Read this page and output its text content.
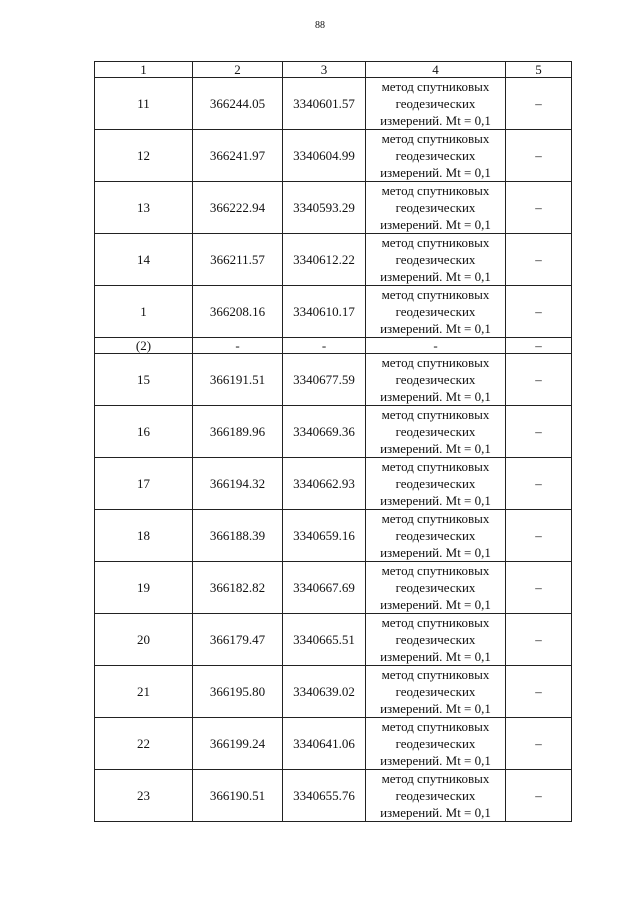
88
1	2	3	4	5
11	366244.05	3340601.57	метод спутниковых геодезических измерений. Mt = 0,1	–
12	366241.97	3340604.99	метод спутниковых геодезических измерений. Mt = 0,1	–
13	366222.94	3340593.29	метод спутниковых геодезических измерений. Mt = 0,1	–
14	366211.57	3340612.22	метод спутниковых геодезических измерений. Mt = 0,1	–
1	366208.16	3340610.17	метод спутниковых геодезических измерений. Mt = 0,1	–
(2)	-	-	-	–
15	366191.51	3340677.59	метод спутниковых геодезических измерений. Mt = 0,1	–
16	366189.96	3340669.36	метод спутниковых геодезических измерений. Mt = 0,1	–
17	366194.32	3340662.93	метод спутниковых геодезических измерений. Mt = 0,1	–
18	366188.39	3340659.16	метод спутниковых геодезических измерений. Mt = 0,1	–
19	366182.82	3340667.69	метод спутниковых геодезических измерений. Mt = 0,1	–
20	366179.47	3340665.51	метод спутниковых геодезических измерений. Mt = 0,1	–
21	366195.80	3340639.02	метод спутниковых геодезических измерений. Mt = 0,1	–
22	366199.24	3340641.06	метод спутниковых геодезических измерений. Mt = 0,1	–
23	366190.51	3340655.76	метод спутниковых геодезических измерений. Mt = 0,1	–
